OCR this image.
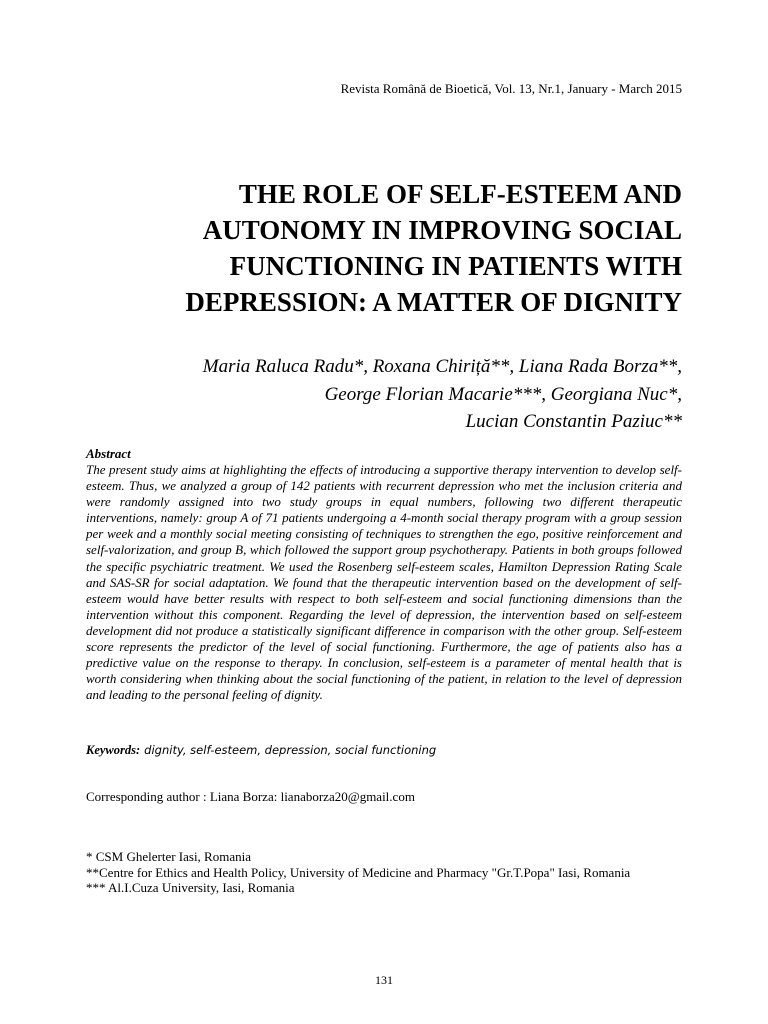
Revista Română de Bioetică, Vol. 13, Nr.1, January - March 2015

THE ROLE OF SELF-ESTEEM AND
AUTONOMY IN IMPROVING SOCIAL
FUNCTIONING IN PATIENTS WITH
DEPRESSION: A MATTER OF DIGNITY
Maria Raluca Radu*, Roxana Chiriță**, Liana Rada Borza**,
George Florian Macarie***, Georgiana Nuc*,
Lucian Constantin Paziuc**

Abstract

The present study aims at highlighting the effects of introducing a supportive therapy intervention to develop self-esteem. Thus, we analyzed a group of 142 patients with recurrent depression who met the inclusion criteria and were randomly assigned into two study groups in equal numbers, following two different therapeutic interventions, namely: group A of 71 patients undergoing a 4-month social therapy program with a group session per week and a monthly social meeting consisting of techniques to strengthen the ego, positive reinforcement and self-valorization, and group B, which followed the support group psychotherapy. Patients in both groups followed the specific psychiatric treatment. We used the Rosenberg self-esteem scales, Hamilton Depression Rating Scale and SAS-SR for social adaptation. We found that the therapeutic intervention based on the development of self-esteem would have better results with respect to both self-esteem and social functioning dimensions than the intervention without this component. Regarding the level of depression, the intervention based on self-esteem development did not produce a statistically significant difference in comparison with the other group. Self-esteem score represents the predictor of the level of social functioning. Furthermore, the age of patients also has a predictive value on the response to therapy. In conclusion, self-esteem is a parameter of mental health that is worth considering when thinking about the social functioning of the patient, in relation to the level of depression and leading to the personal feeling of dignity.

Keywords: dignity, self-esteem, depression, social functioning

Corresponding author : Liana Borza: lianaborza20@gmail.com

* CSM Ghelerter Iasi, Romania
**Centre for Ethics and Health Policy, University of Medicine and Pharmacy "Gr.T.Popa" Iasi, Romania
*** Al.I.Cuza University, Iasi, Romania

131
